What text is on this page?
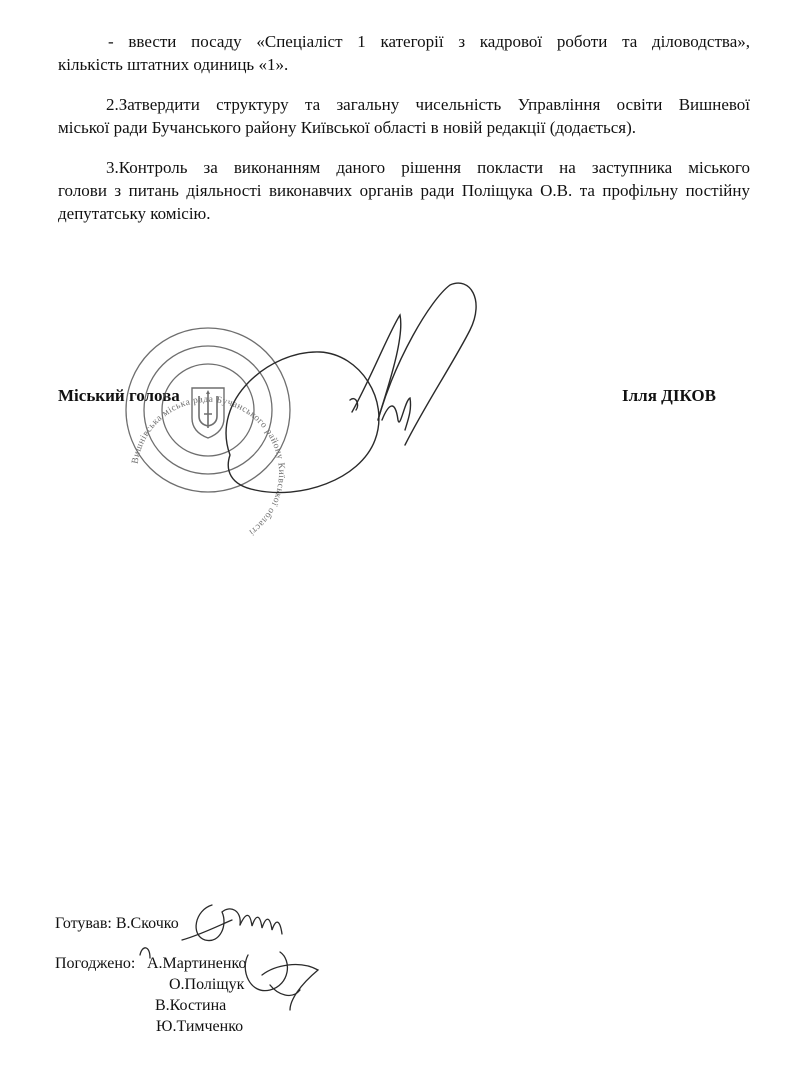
- ввести посаду «Спеціаліст 1 категорії з кадрової роботи та діловодства»,
кількість штатних одиниць «1».

2.Затвердити структуру та загальну чисельність Управління освіти Вишневої
міської ради Бучанського району Київської області в новій редакції (додається).

3.Контроль за виконанням даного рішення покласти на заступника міського
голови з питань діяльності виконавчих органів ради Поліщука О.В. та профільну постійну депутатську комісію.

Міський голова	Ілля ДІКОВ

Готував: В.Скочко

Погоджено: А.Мартиненко
О.Поліщук
В.Костина
Ю.Тимченко
Вишнівська міська рада Бучанського району Київської області
